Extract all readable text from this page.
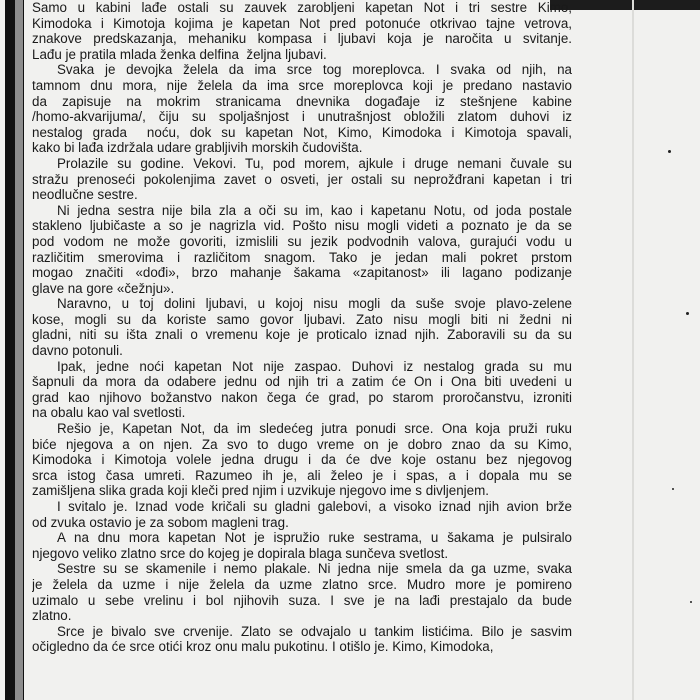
Samo u kabini lađe ostali su zauvek zarobljeni kapetan Not i tri sestre Kimo,
Kimodoka i Kimotoja kojima je kapetan Not pred potonuće otkrivao tajne vetrova,
znakove predskazanja, mehaniku kompasa i ljubavi koja je naročita u svitanje.
Lađu je pratila mlada ženka delfina  željna ljubavi.

Svaka je devojka želela da ima srce tog moreplovca. I svaka od njih, na
tamnom dnu mora, nije želela da ima srce moreplovca koji je predano nastavio
da zapisuje na mokrim stranicama dnevnika događaje iz stešnjene kabine
/homo-akvarijuma/, čiju su spoljašnjost i unutrašnjost obložili zlatom duhovi iz
nestalog grada  noću, dok su kapetan Not, Kimo, Kimodoka i Kimotoja spavali,
kako bi lađa izdržala udare grabljivih morskih čudovišta.

Prolazile su godine. Vekovi. Tu, pod morem, ajkule i druge nemani čuvale su
stražu prenoseći pokolenjima zavet o osveti, jer ostali su neprožđrani kapetan i tri
neodlučne sestre.

Ni jedna sestra nije bila zla a oči su im, kao i kapetanu Notu, od joda postale
stakleno ljubičaste a so je nagrizla vid. Pošto nisu mogli videti a poznato je da se
pod vodom ne može govoriti, izmislili su jezik podvodnih valova, gurajući vodu u
različitim smerovima i različitom snagom. Tako je jedan mali pokret prstom
mogao značiti «dođi», brzo mahanje šakama «zapitanost» ili lagano podizanje
glave na gore «čežnju».

Naravno, u toj dolini ljubavi, u kojoj nisu mogli da suše svoje plavo-zelene
kose, mogli su da koriste samo govor ljubavi. Zato nisu mogli biti ni žedni ni
gladni, niti su išta znali o vremenu koje je proticalo iznad njih. Zaboravili su da su
davno potonuli.

Ipak, jedne noći kapetan Not nije zaspao. Duhovi iz nestalog grada su mu
šapnuli da mora da odabere jednu od njih tri a zatim će On i Ona biti uvedeni u
grad kao njihovo božanstvo nakon čega će grad, po starom proročanstvu, izroniti
na obalu kao val svetlosti.

Rešio je, Kapetan Not, da im sledećeg jutra ponudi srce. Ona koja pruži ruku
biće njegova a on njen. Za svo to dugo vreme on je dobro znao da su Kimo,
Kimodoka i Kimotoja volele jedna drugu i da će dve koje ostanu bez njegovog
srca istog časa umreti. Razumeo ih je, ali želeo je i spas, a i dopala mu se
zamišljena slika grada koji kleči pred njim i uzvikuje njegovo ime s divljenjem.

I svitalo je. Iznad vode kričali su gladni galebovi, a visoko iznad njih avion brže
od zvuka ostavio je za sobom magleni trag.

A na dnu mora kapetan Not je ispružio ruke sestrama, u šakama je pulsiralo
njegovo veliko zlatno srce do kojeg je dopirala blaga sunčeva svetlost.

Sestre su se skamenile i nemo plakale. Ni jedna nije smela da ga uzme, svaka
je želela da uzme i nije želela da uzme zlatno srce. Mudro more je pomireno
uzimalo u sebe vrelinu i bol njihovih suza. I sve je na lađi prestajalo da bude
zlatno.

Srce je bivalo sve crvenije. Zlato se odvajalo u tankim listićima. Bilo je sasvim
očigledno da će srce otići kroz onu malu pukotinu. I otišlo je. Kimo, Kimodoka,
